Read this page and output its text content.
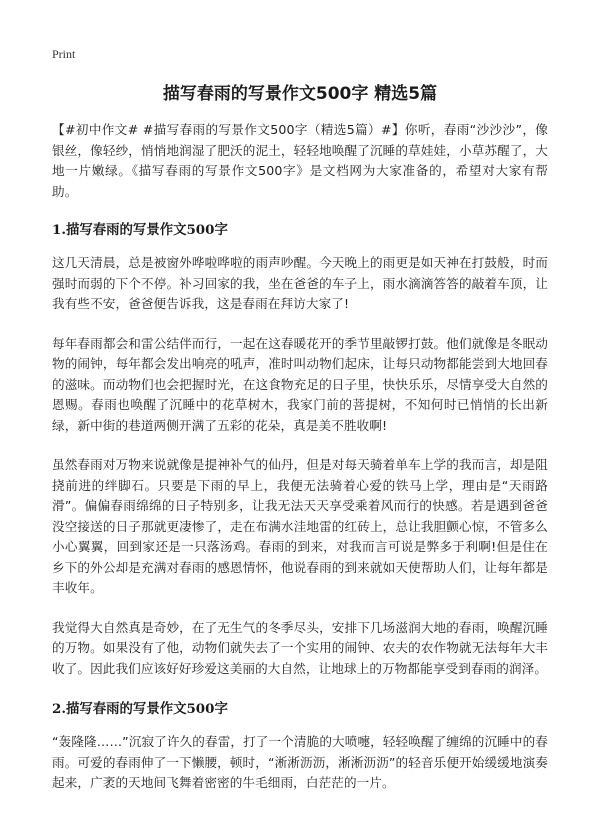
Print
描写春雨的写景作文500字 精选5篇

【#初中作文# #描写春雨的写景作文500字（精选5篇）#】你听，春雨“沙沙沙”，像银丝，像轻纱，悄悄地润湿了肥沃的泥土，轻轻地唤醒了沉睡的草娃娃，小草苏醒了，大地一片嫩绿。《描写春雨的写景作文500字》是文档网为大家准备的，希望对大家有帮助。

1.描写春雨的写景作文500字

这几天清晨，总是被窗外哗啦哗啦的雨声吵醒。今天晚上的雨更是如天神在打鼓般，时而强时而弱的下个不停。补习回家的我，坐在爸爸的车子上，雨水滴滴答答的敲着车顶，让我有些不安，爸爸便告诉我，这是春雨在拜访大家了!

每年春雨都会和雷公结伴而行，一起在这春暖花开的季节里敲锣打鼓。他们就像是冬眠动物的闹钟，每年都会发出响亮的吼声，准时叫动物们起床，让每只动物都能尝到大地回春的滋味。而动物们也会把握时光，在这食物充足的日子里，快快乐乐，尽情享受大自然的恩赐。春雨也唤醒了沉睡中的花草树木，我家门前的菩提树，不知何时已悄悄的长出新绿，新中街的巷道两侧开满了五彩的花朵，真是美不胜收啊!

虽然春雨对万物来说就像是提神补气的仙丹，但是对每天骑着单车上学的我而言，却是阻挠前进的绊脚石。只要是下雨的早上，我便无法骑着心爱的铁马上学，理由是“天雨路滑”。偏偏春雨绵绵的日子特别多，让我无法天天享受乘着风而行的快感。若是遇到爸爸没空接送的日子那就更凄惨了，走在布满水洼地雷的红砖上，总让我胆颤心惊，不管多么小心翼翼，回到家还是一只落汤鸡。春雨的到来，对我而言可说是弊多于利啊!但是住在乡下的外公却是充满对春雨的感恩情怀，他说春雨的到来就如天使帮助人们，让每年都是丰收年。

我觉得大自然真是奇妙，在了无生气的冬季尽头，安排下几场滋润大地的春雨，唤醒沉睡的万物。如果没有了他，动物们就失去了一个实用的闹钟、农夫的农作物就无法每年大丰收了。因此我们应该好好珍爱这美丽的大自然，让地球上的万物都能享受到春雨的润泽。

2.描写春雨的写景作文500字

“轰隆隆……”沉寂了许久的春雷，打了一个清脆的大喷嚏，轻轻唤醒了缠绵的沉睡中的春雨。可爱的春雨伸了一下懒腰，顿时，“淅淅沥沥，淅淅沥沥”的轻音乐便开始缓缓地演奏起来，广袤的天地间飞舞着密密的牛毛细雨，白茫茫的一片。
